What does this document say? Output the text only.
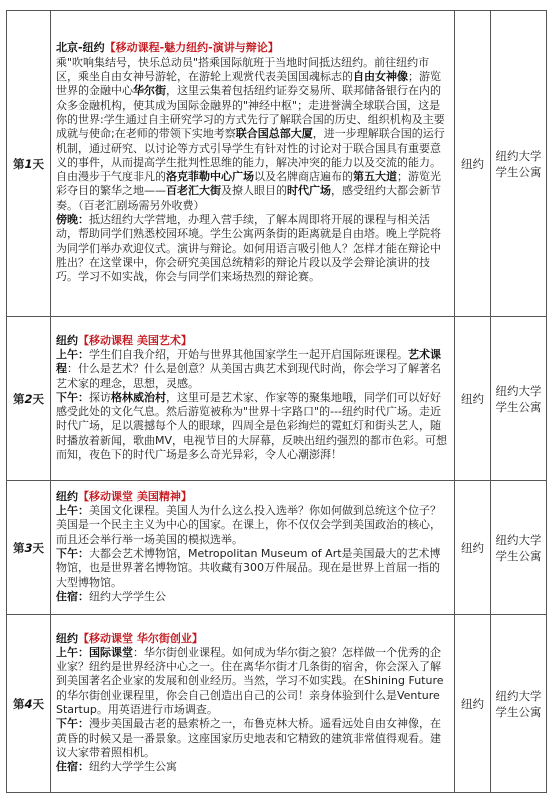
第1天	北京-纽约【移动课程-魅力纽约-演讲与辩论】

乘"吹响集结号，快乐总动员"搭乘国际航班于当地时间抵达纽约。前往纽约市区，乘坐自由女神号游轮，在游轮上观赏代表美国国魂标志的自由女神像；游览世界的金融中心华尔街，这里云集着包括纽约证券交易所、联邦储备银行在内的众多金融机构，使其成为国际金融界的"神经中枢"；走进誉满全球联合国，这是你的世界:学生通过自主研究学习的方式先行了解联合国的历史、组织机构及主要成就与使命;在老师的带领下实地考察联合国总部大厦，进一步理解联合国的运行机制，通过研究、以讨论等方式引导学生有针对性的讨论对于联合国具有重要意义的事件，从而提高学生批判性思维的能力，解决冲突的能力以及交流的能力。自由漫步于气度非凡的洛克菲勒中心广场以及名牌商店遍布的第五大道；游览光彩夺目的繁华之地——百老汇大街及撩人眼目的时代广场，感受纽约大都会新节奏。（百老汇剧场需另外收费）

傍晚：抵达纽约大学营地，办理入营手续，了解本周即将开展的课程与相关活动，帮助同学们熟悉校园环境。学生公寓两条街的距离就是自由塔。晚上学院将为同学们举办欢迎仪式。演讲与辩论。如何用语言吸引他人？怎样才能在辩论中胜出？在这堂课中，你会研究美国总统精彩的辩论片段以及学会辩论演讲的技巧。学习不如实战，你会与同学们来场热烈的辩论赛。	纽约	纽约大学学生公寓
第2天	纽约【移动课程 美国艺术】

上午：学生们自我介绍，开始与世界其他国家学生一起开启国际班课程。艺术课程：什么是艺术？什么是创意？从美国古典艺术到现代时尚，你会学习了解著名艺术家的理念，思想，灵感。

下午：探访格林威治村，这里可是艺术家、作家等的聚集地哦，同学们可以好好感受此处的文化气息。然后游览被称为"世界十字路口"的---纽约时代广场。走近时代广场，足以震撼每个人的眼球，四周全是色彩绚烂的霓虹灯和街头艺人，随时播放着新闻，歌曲MV，电视节目的大屏幕，反映出纽约强烈的都市色彩。可想而知，夜色下的时代广场是多么奇光异彩，令人心潮澎湃！	纽约	纽约大学学生公寓
第3天	纽约【移动课堂 美国精神】

上午：美国文化课程。美国人为什么这么投入选举？你如何做到总统这个位子？美国是一个民主主义为中心的国家。在课上，你不仅仅会学到美国政治的核心，而且还会举行举一场美国的模拟选举。

下午：大都会艺术博物馆，Metropolitan Museum of Art是美国最大的艺术博物馆，也是世界著名博物馆。共收藏有300万件展品。现在是世界上首屈一指的大型博物馆。

住宿：纽约大学学生公	纽约	纽约大学学生公寓
第4天	纽约【移动课堂 华尔街创业】

上午：国际课堂：华尔街创业课程。如何成为华尔街之狼？怎样做一个优秀的企业家？纽约是世界经济中心之一。住在离华尔街才几条街的宿舍，你会深入了解到美国著名企业家的发展和创业经历。当然，学习不如实践。在Shining Future的华尔街创业课程里，你会自己创造出自己的公司！亲身体验到什么是Venture Startup。用英语进行市场调查。

下午：漫步美国最古老的悬索桥之一，布鲁克林大桥。遥看远处自由女神像，在黄昏的时候又是一番景象。这座国家历史地表和它精致的建筑非常值得观看。建议大家带着照相机。

住宿：纽约大学学生公寓	纽约	纽约大学学生公寓
